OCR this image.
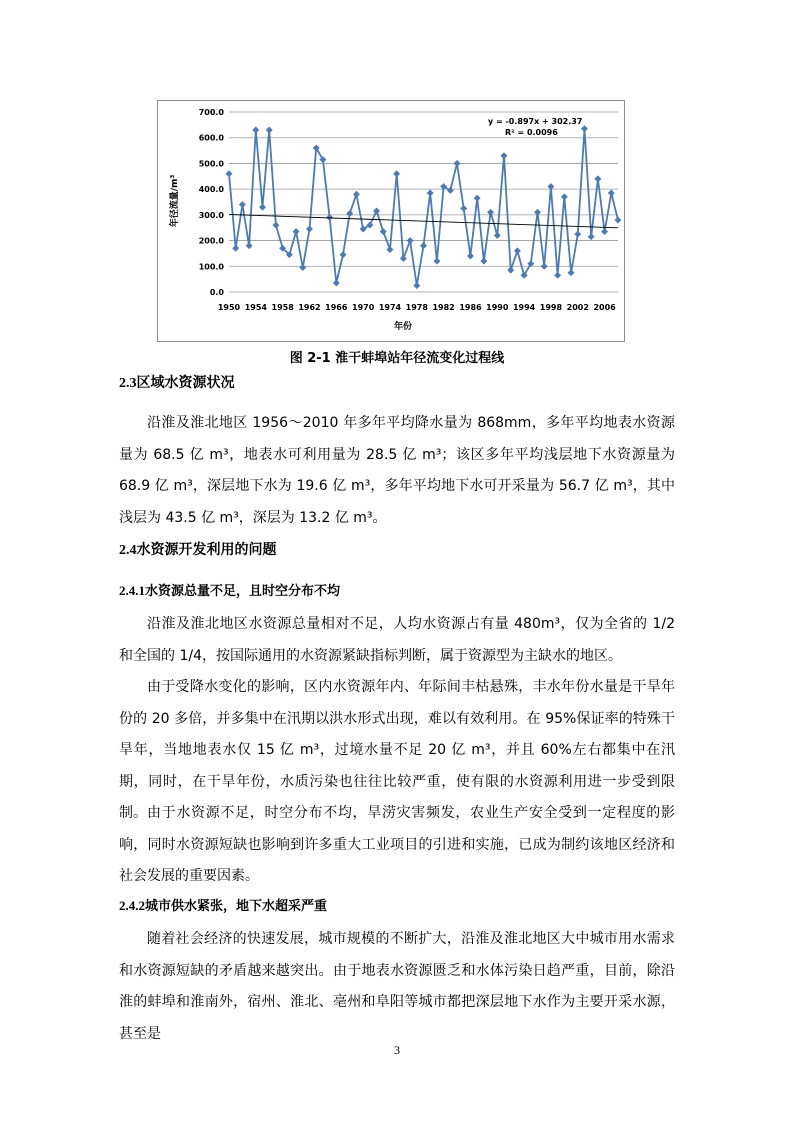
0.0
100.0
200.0
300.0
400.0
500.0
600.0
700.0
1950 1954 1958 1962 1966 1970 1974 1978 1982 1986 1990 1994 1998 2002 2006
y = -0.897x + 302.37
R² = 0.0096
年份
年径流量/m³
图 2-1 淮干蚌埠站年径流变化过程线
2.3区域水资源状况
沿淮及淮北地区 1956～2010 年多年平均降水量为 868mm，多年平均地表水资源量为 68.5 亿 m³，地表水可利用量为 28.5 亿 m³；该区多年平均浅层地下水资源量为 68.9 亿 m³，深层地下水为 19.6 亿 m³，多年平均地下水可开采量为 56.7 亿 m³，其中浅层为 43.5 亿 m³，深层为 13.2 亿 m³。
2.4水资源开发利用的问题
2.4.1水资源总量不足，且时空分布不均
沿淮及淮北地区水资源总量相对不足，人均水资源占有量 480m³，仅为全省的 1/2 和全国的 1/4，按国际通用的水资源紧缺指标判断，属于资源型为主缺水的地区。
由于受降水变化的影响，区内水资源年内、年际间丰枯悬殊，丰水年份水量是干旱年份的 20 多倍，并多集中在汛期以洪水形式出现，难以有效利用。在 95%保证率的特殊干旱年，当地地表水仅 15 亿 m³，过境水量不足 20 亿 m³，并且 60%左右都集中在汛期，同时，在干旱年份，水质污染也往往比较严重，使有限的水资源利用进一步受到限制。 由于水资源不足，时空分布不均，旱涝灾害频发，农业生产安全受到一定程度的影响，同时水资源短缺也影响到许多重大工业项目的引进和实施，已成为制约该地区经济和社会发展的重要因素。
2.4.2城市供水紧张，地下水超采严重
随着社会经济的快速发展，城市规模的不断扩大，沿淮及淮北地区大中城市用水需求和水资源短缺的矛盾越来越突出。由于地表水资源匮乏和水体污染日趋严重，目前，除沿淮的蚌埠和淮南外，宿州、淮北、亳州和阜阳等城市都把深层地下水作为主要开采水源，甚至是
3
